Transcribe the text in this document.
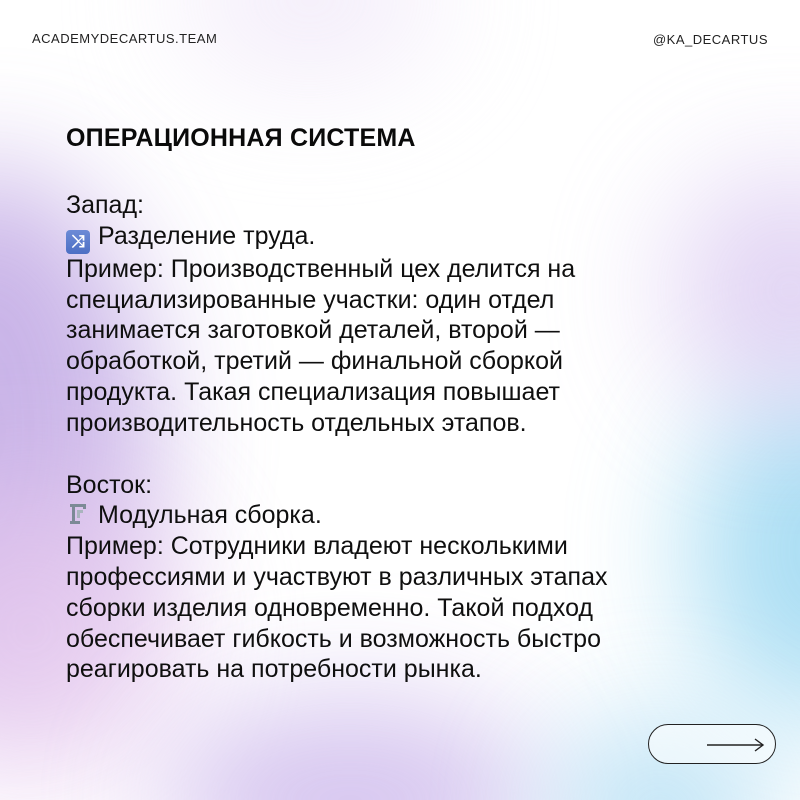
ACADEMYDECARTUS.TEAM	@KA_DECARTUS
ОПЕРАЦИОННАЯ СИСТЕМА

Запад:

⤨ Разделение труда.

Пример: Производственный цех делится на

специализированные участки: один отдел

занимается заготовкой деталей, второй —

обработкой, третий — финальной сборкой

продукта. Такая специализация повышает

производительность отдельных этапов.

Восток:

Модульная сборка.

Пример: Сотрудники владеют несколькими

профессиями и участвуют в различных этапах

сборки изделия одновременно. Такой подход

обеспечивает гибкость и возможность быстро

реагировать на потребности рынка.
